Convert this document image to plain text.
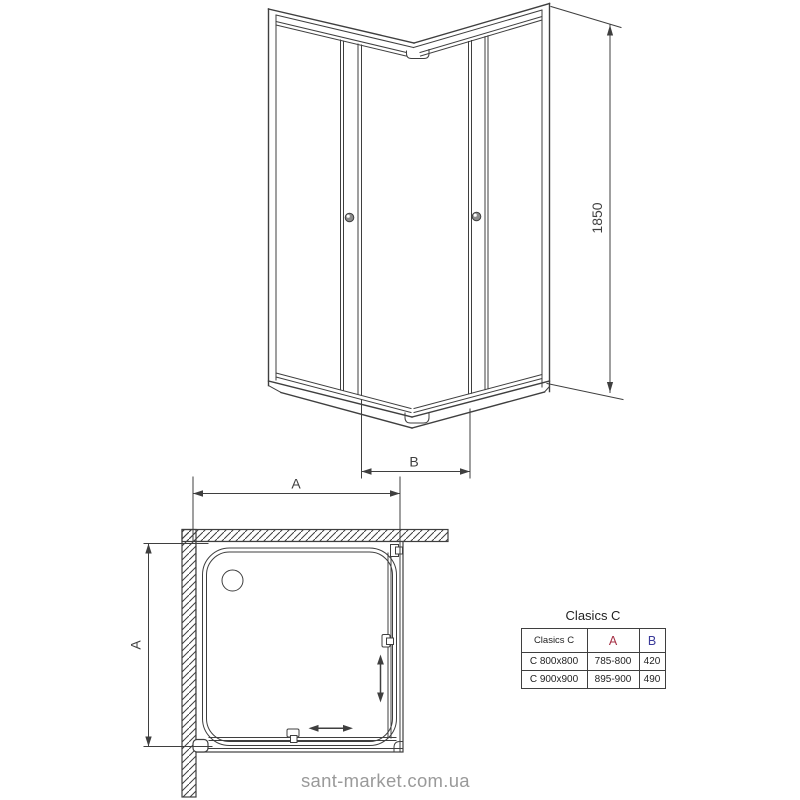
1850
B
A
A
Clasics C
Clasics C	A	B
C 800x800	785-800	420
C 900x900	895-900	490
sant-market.com.ua
